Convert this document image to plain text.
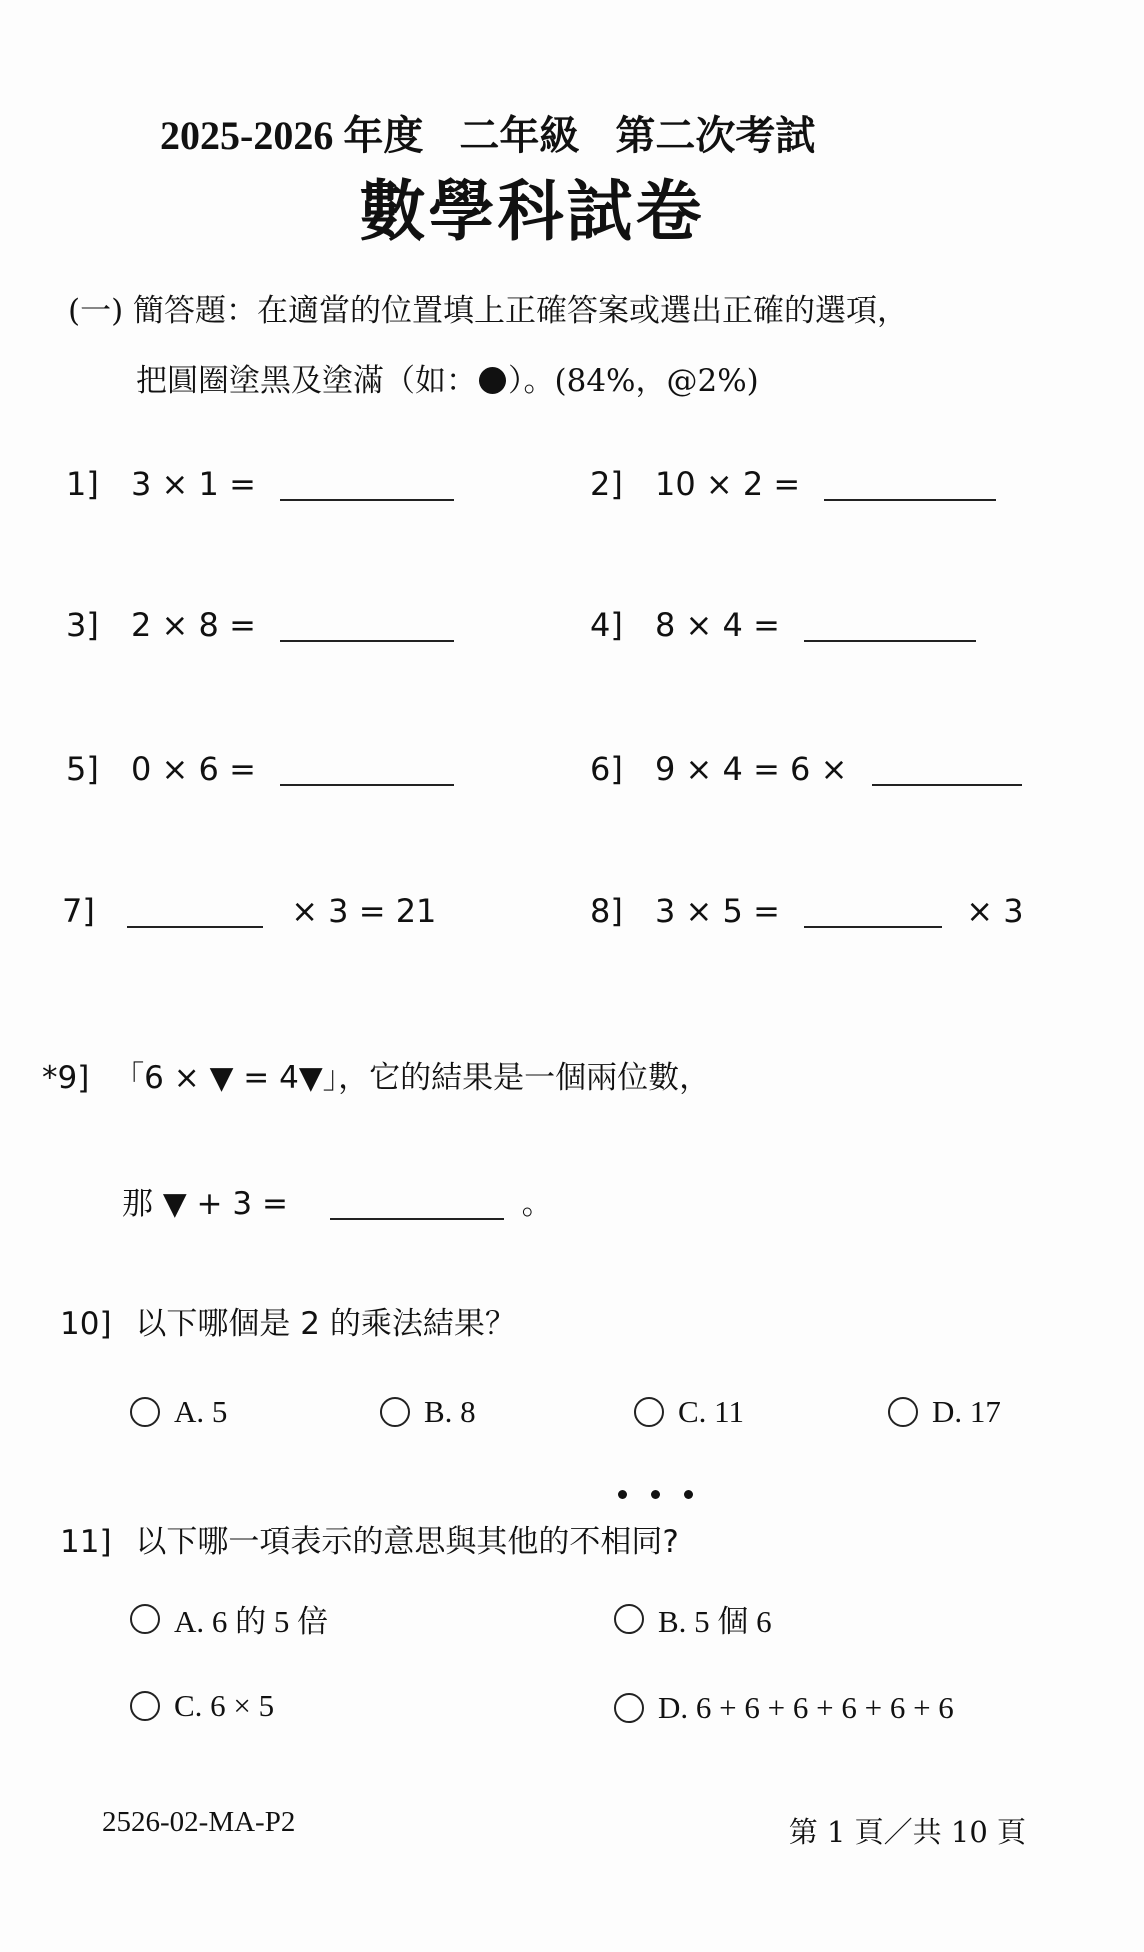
2025-2026 年度 二年級 第二次考試
數學科試卷
(一) 簡答題：在適當的位置填上正確答案或選出正確的選項，
把圓圈塗黑及塗滿（如： ）。(84%，@2%)
1] 3 × 1 =	2] 10 × 2 =
3] 2 × 8 =	4] 8 × 4 =
5] 0 × 6 =	6] 9 × 4 = 6 ×
7]	× 3 = 21	8] 3 × 5 =	× 3
*9] 「6 × ▼ = 4▼」，它的結果是一個兩位數，
那 ▼ + 3 =	。
10] 以下哪個是 2 的乘法結果？
A. 5	B. 8	C. 11	D. 17
11] 以下哪一項表示的意思與其他的不相同?
A. 6 的 5 倍	B. 5 個 6
C. 6 × 5	D. 6 + 6 + 6 + 6 + 6 + 6
2526-02-MA-P2	第 1 頁／共 10 頁
